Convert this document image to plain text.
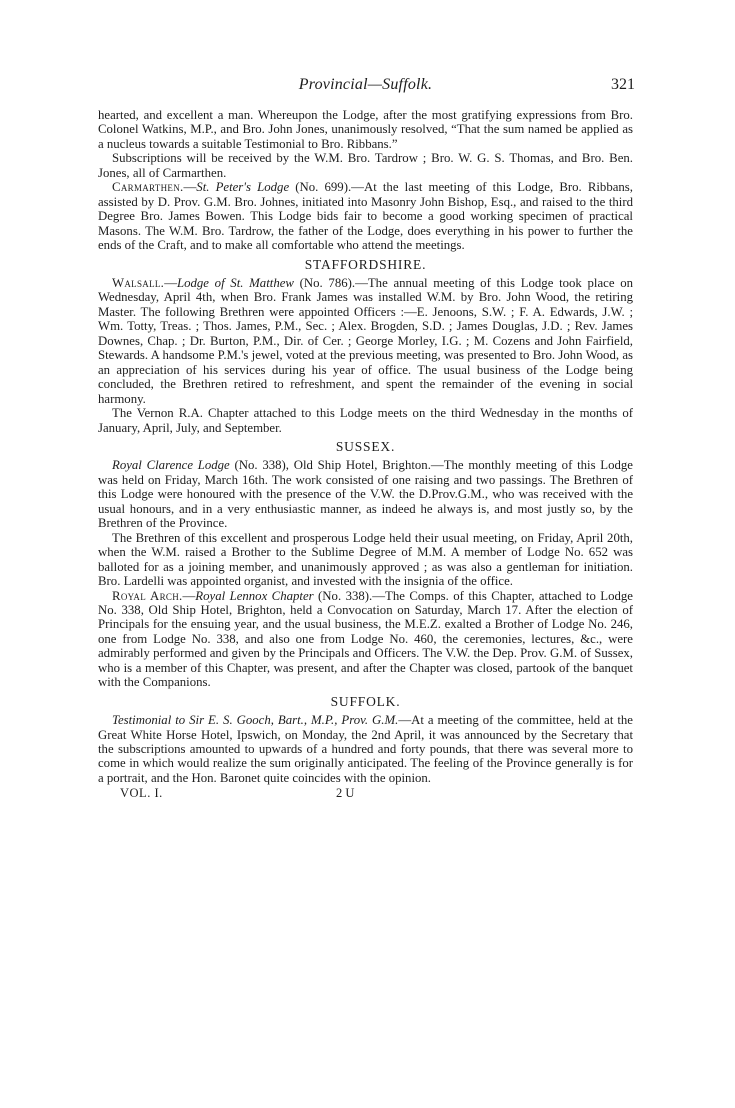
Provincial—Suffolk.	321

hearted, and excellent a man. Whereupon the Lodge, after the most gratifying expressions from Bro. Colonel Watkins, M.P., and Bro. John Jones, unanimously resolved, “That the sum named be applied as a nucleus towards a suitable Testimonial to Bro. Ribbans.”

Subscriptions will be received by the W.M. Bro. Tardrow ; Bro. W. G. S. Thomas, and Bro. Ben. Jones, all of Carmarthen.

Carmarthen.—St. Peter's Lodge (No. 699).—At the last meeting of this Lodge, Bro. Ribbans, assisted by D. Prov. G.M. Bro. Johnes, initiated into Masonry John Bishop, Esq., and raised to the third Degree Bro. James Bowen. This Lodge bids fair to become a good working specimen of practical Masons. The W.M. Bro. Tardrow, the father of the Lodge, does everything in his power to further the ends of the Craft, and to make all comfortable who attend the meetings.

STAFFORDSHIRE.

Walsall.—Lodge of St. Matthew (No. 786).—The annual meeting of this Lodge took place on Wednesday, April 4th, when Bro. Frank James was installed W.M. by Bro. John Wood, the retiring Master. The following Brethren were appointed Officers :—E. Jenoons, S.W. ; F. A. Edwards, J.W. ; Wm. Totty, Treas. ; Thos. James, P.M., Sec. ; Alex. Brogden, S.D. ; James Douglas, J.D. ; Rev. James Downes, Chap. ; Dr. Burton, P.M., Dir. of Cer. ; George Morley, I.G. ; M. Cozens and John Fairfield, Stewards. A handsome P.M.'s jewel, voted at the previous meeting, was presented to Bro. John Wood, as an appreciation of his services during his year of office. The usual business of the Lodge being concluded, the Brethren retired to refreshment, and spent the remainder of the evening in social harmony.

The Vernon R.A. Chapter attached to this Lodge meets on the third Wednesday in the months of January, April, July, and September.

SUSSEX.

Royal Clarence Lodge (No. 338), Old Ship Hotel, Brighton.—The monthly meeting of this Lodge was held on Friday, March 16th. The work consisted of one raising and two passings. The Brethren of this Lodge were honoured with the presence of the V.W. the D.Prov.G.M., who was received with the usual honours, and in a very enthusiastic manner, as indeed he always is, and most justly so, by the Brethren of the Province.

The Brethren of this excellent and prosperous Lodge held their usual meeting, on Friday, April 20th, when the W.M. raised a Brother to the Sublime Degree of M.M. A member of Lodge No. 652 was balloted for as a joining member, and unanimously approved ; as was also a gentleman for initiation. Bro. Lardelli was appointed organist, and invested with the insignia of the office.

Royal Arch.—Royal Lennox Chapter (No. 338).—The Comps. of this Chapter, attached to Lodge No. 338, Old Ship Hotel, Brighton, held a Convocation on Saturday, March 17. After the election of Principals for the ensuing year, and the usual business, the M.E.Z. exalted a Brother of Lodge No. 246, one from Lodge No. 338, and also one from Lodge No. 460, the ceremonies, lectures, &c., were admirably performed and given by the Principals and Officers. The V.W. the Dep. Prov. G.M. of Sussex, who is a member of this Chapter, was present, and after the Chapter was closed, partook of the banquet with the Companions.

SUFFOLK.

Testimonial to Sir E. S. Gooch, Bart., M.P., Prov. G.M.—At a meeting of the committee, held at the Great White Horse Hotel, Ipswich, on Monday, the 2nd April, it was announced by the Secretary that the subscriptions amounted to upwards of a hundred and forty pounds, that there was several more to come in which would realize the sum originally anticipated. The feeling of the Province generally is for a portrait, and the Hon. Baronet quite coincides with the opinion.

VOL. I.	2 U
